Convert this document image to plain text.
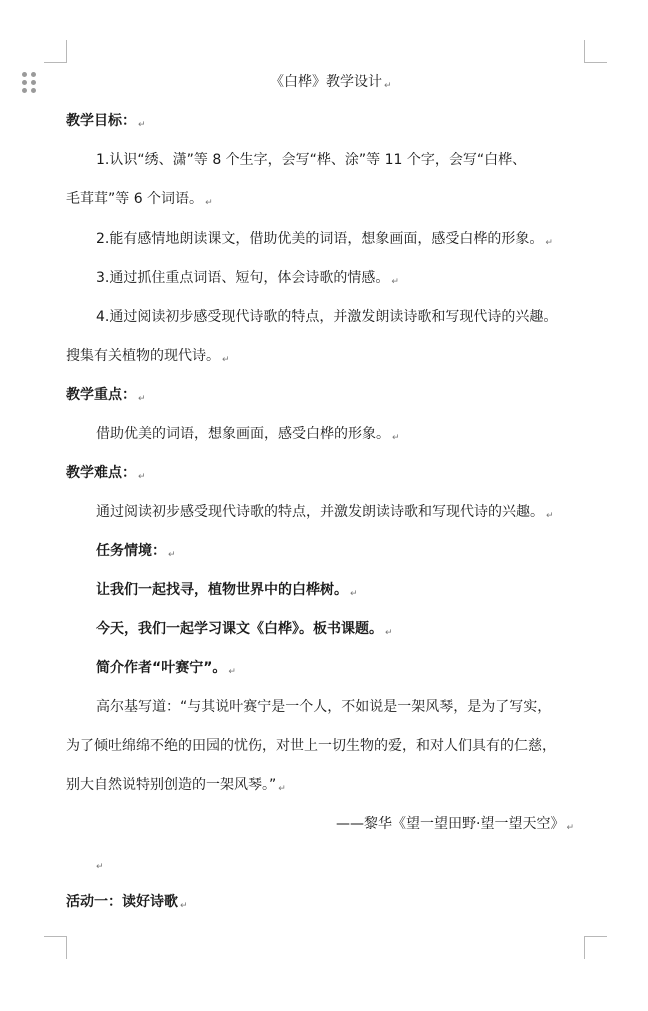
《白桦》教学设计 ↵
教学目标： ↵
1.认识“绣、潇”等 8 个生字，会写“桦、涂”等 11 个字，会写“白桦、
毛茸茸”等 6 个词语。 ↵
2.能有感情地朗读课文，借助优美的词语，想象画面，感受白桦的形象。 ↵
3.通过抓住重点词语、短句，体会诗歌的情感。 ↵
4.通过阅读初步感受现代诗歌的特点，并激发朗读诗歌和写现代诗的兴趣。
搜集有关植物的现代诗。 ↵
教学重点： ↵
借助优美的词语，想象画面，感受白桦的形象。 ↵
教学难点： ↵
通过阅读初步感受现代诗歌的特点，并激发朗读诗歌和写现代诗的兴趣。 ↵
任务情境： ↵
让我们一起找寻，植物世界中的白桦树。 ↵
今天，我们一起学习课文《白桦》。板书课题。 ↵
简介作者“叶赛宁”。 ↵
高尔基写道：“与其说叶赛宁是一个人，不如说是一架风琴，是为了写实，
为了倾吐绵绵不绝的田园的忧伤，对世上一切生物的爱，和对人们具有的仁慈，
别大自然说特别创造的一架风琴。” ↵
——黎华《望一望田野·望一望天空》 ↵
↵
活动一：读好诗歌 ↵
